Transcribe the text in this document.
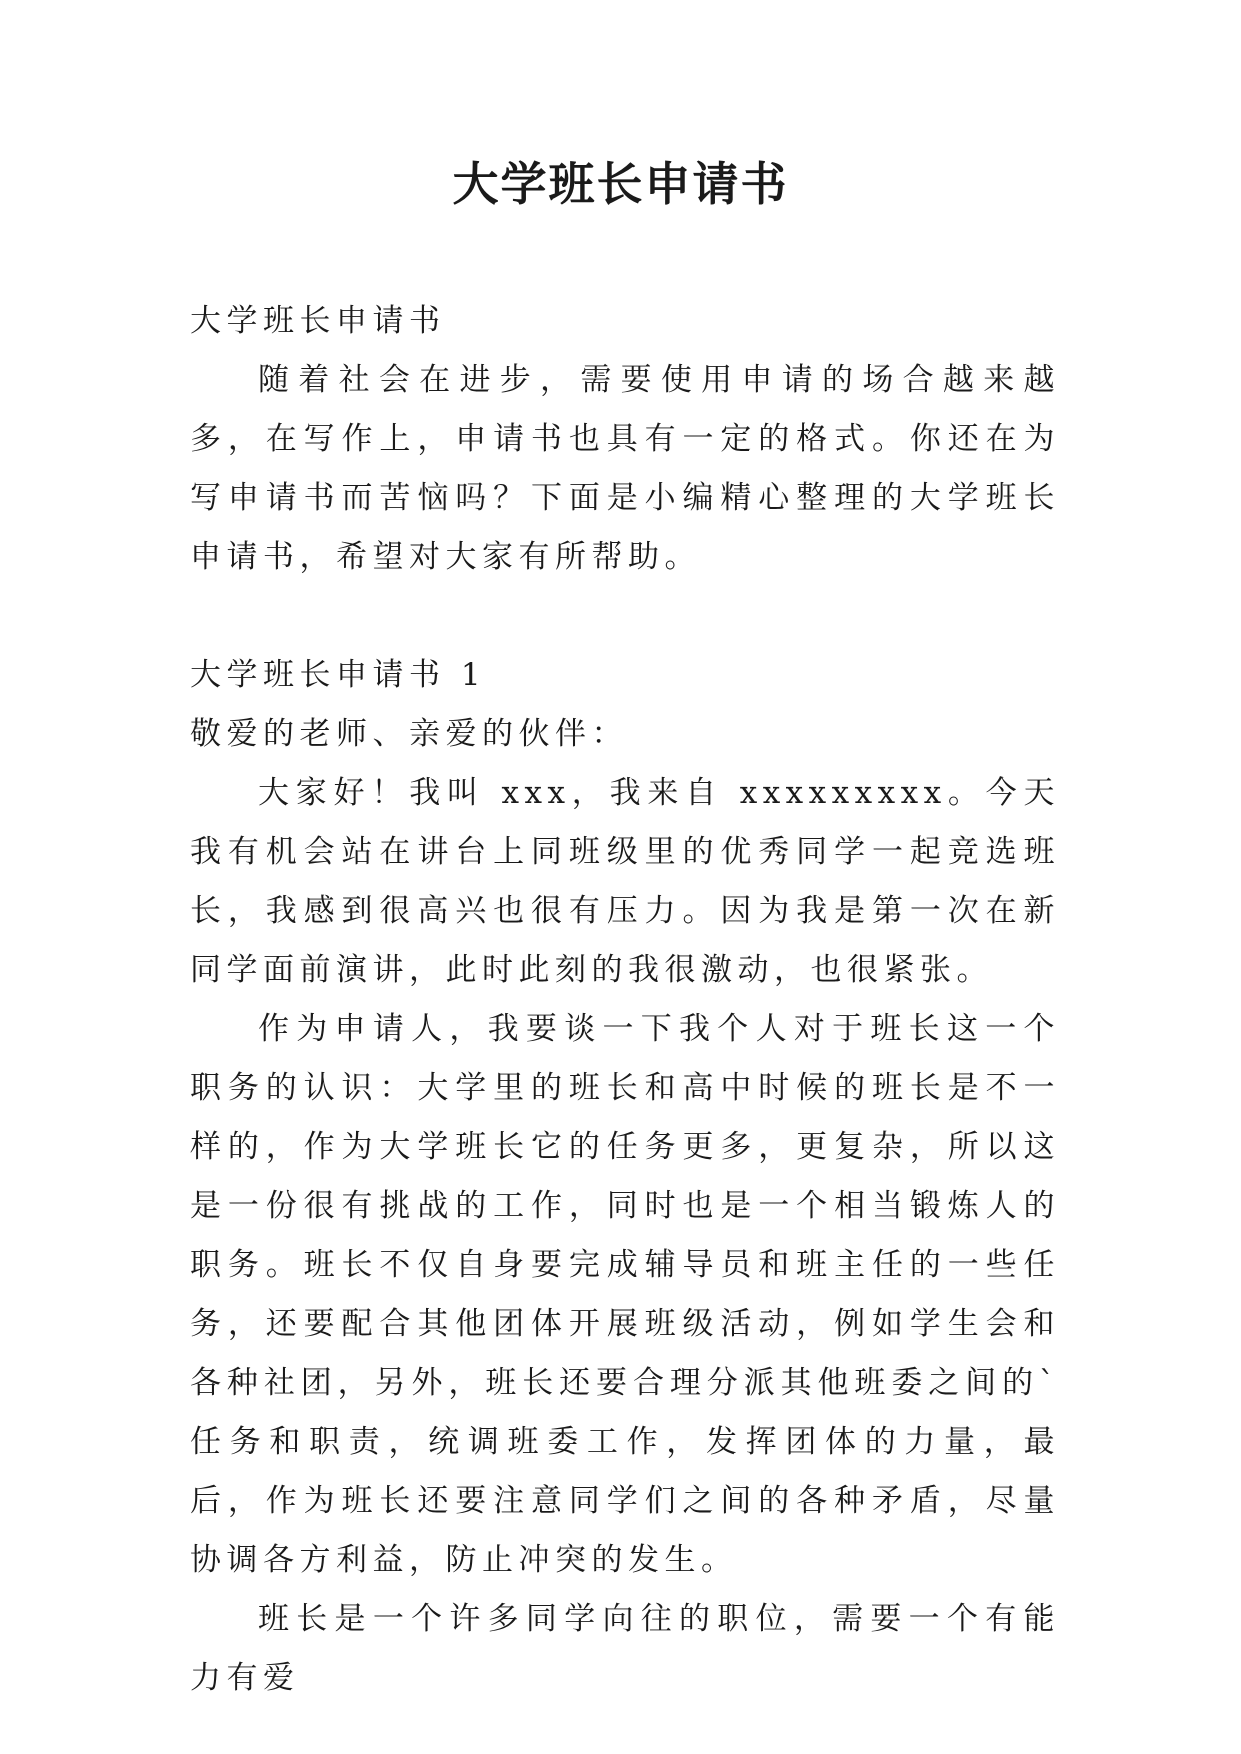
大学班长申请书

大学班长申请书

随着社会在进步，需要使用申请的场合越来越多，在写作上，申请书也具有一定的格式。你还在为写申请书而苦恼吗？下面是小编精心整理的大学班长申请书，希望对大家有所帮助。

大学班长申请书 1

敬爱的老师、亲爱的伙伴：

大家好！我叫 xxx，我来自 xxxxxxxxx。今天我有机会站在讲台上同班级里的优秀同学一起竞选班长，我感到很高兴也很有压力。因为我是第一次在新同学面前演讲，此时此刻的我很激动，也很紧张。

作为申请人，我要谈一下我个人对于班长这一个职务的认识：大学里的班长和高中时候的班长是不一样的，作为大学班长它的任务更多，更复杂，所以这是一份很有挑战的工作，同时也是一个相当锻炼人的职务。班长不仅自身要完成辅导员和班主任的一些任务，还要配合其他团体开展班级活动，例如学生会和各种社团，另外，班长还要合理分派其他班委之间的`任务和职责，统调班委工作，发挥团体的力量，最后，作为班长还要注意同学们之间的各种矛盾，尽量协调各方利益，防止冲突的发生。

班长是一个许多同学向往的职位，需要一个有能力有爱
